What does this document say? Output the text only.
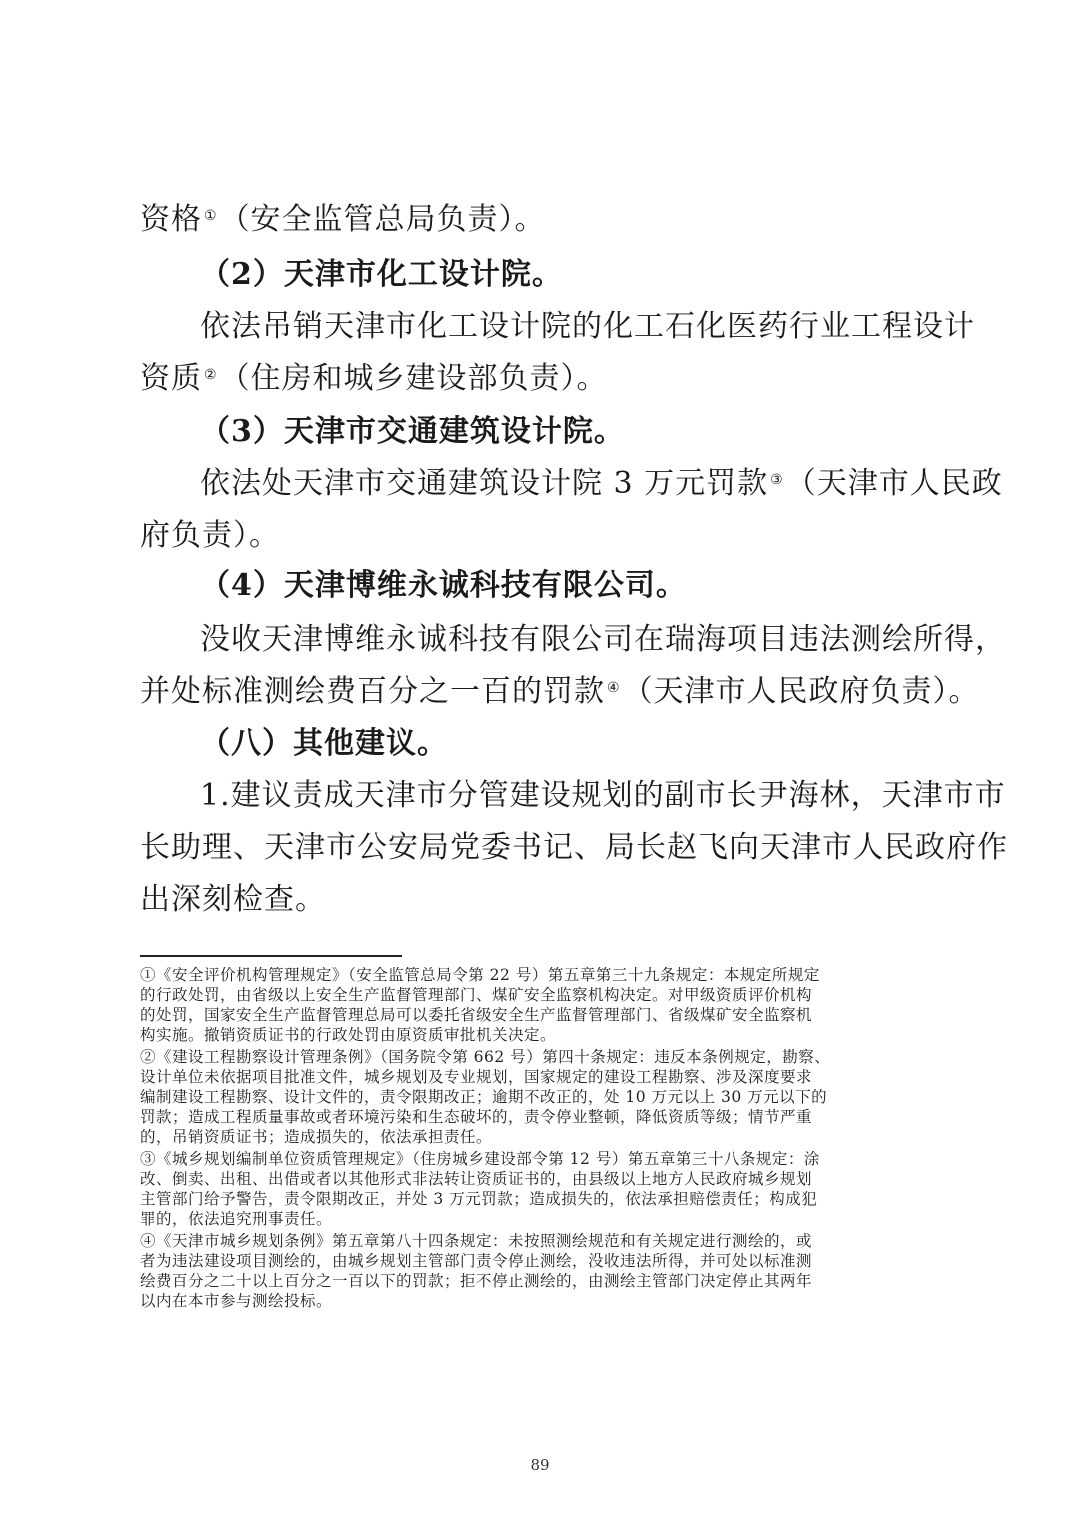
资格 ①（安全监管总局负责）。
（2）天津市化工设计院。
依法吊销天津市化工设计院的化工石化医药行业工程设计
资质 ②（住房和城乡建设部负责）。
（3）天津市交通建筑设计院。
依法处天津市交通建筑设计院 3 万元罚款 ③（天津市人民政
府负责）。
（4）天津博维永诚科技有限公司。
没收天津博维永诚科技有限公司在瑞海项目违法测绘所得，
并处标准测绘费百分之一百的罚款 ④（天津市人民政府负责）。
（八）其他建议。
1.建议责成天津市分管建设规划的副市长尹海林，天津市市
长助理、天津市公安局党委书记、局长赵飞向天津市人民政府作
出深刻检查。
①《安全评价机构管理规定》（安全监管总局令第 22 号）第五章第三十九条规定：本规定所规定
的行政处罚，由省级以上安全生产监督管理部门、煤矿安全监察机构决定。对甲级资质评价机构
的处罚，国家安全生产监督管理总局可以委托省级安全生产监督管理部门、省级煤矿安全监察机
构实施。撤销资质证书的行政处罚由原资质审批机关决定。
②《建设工程勘察设计管理条例》（国务院令第 662 号）第四十条规定：违反本条例规定，勘察、
设计单位未依据项目批准文件，城乡规划及专业规划，国家规定的建设工程勘察、涉及深度要求
编制建设工程勘察、设计文件的，责令限期改正；逾期不改正的，处 10 万元以上 30 万元以下的
罚款；造成工程质量事故或者环境污染和生态破坏的，责令停业整顿，降低资质等级；情节严重
的，吊销资质证书；造成损失的，依法承担责任。
③《城乡规划编制单位资质管理规定》（住房城乡建设部令第 12 号）第五章第三十八条规定：涂
改、倒卖、出租、出借或者以其他形式非法转让资质证书的，由县级以上地方人民政府城乡规划
主管部门给予警告，责令限期改正，并处 3 万元罚款；造成损失的，依法承担赔偿责任；构成犯
罪的，依法追究刑事责任。
④《天津市城乡规划条例》第五章第八十四条规定：未按照测绘规范和有关规定进行测绘的，或
者为违法建设项目测绘的，由城乡规划主管部门责令停止测绘，没收违法所得，并可处以标准测
绘费百分之二十以上百分之一百以下的罚款；拒不停止测绘的，由测绘主管部门决定停止其两年
以内在本市参与测绘投标。
89
